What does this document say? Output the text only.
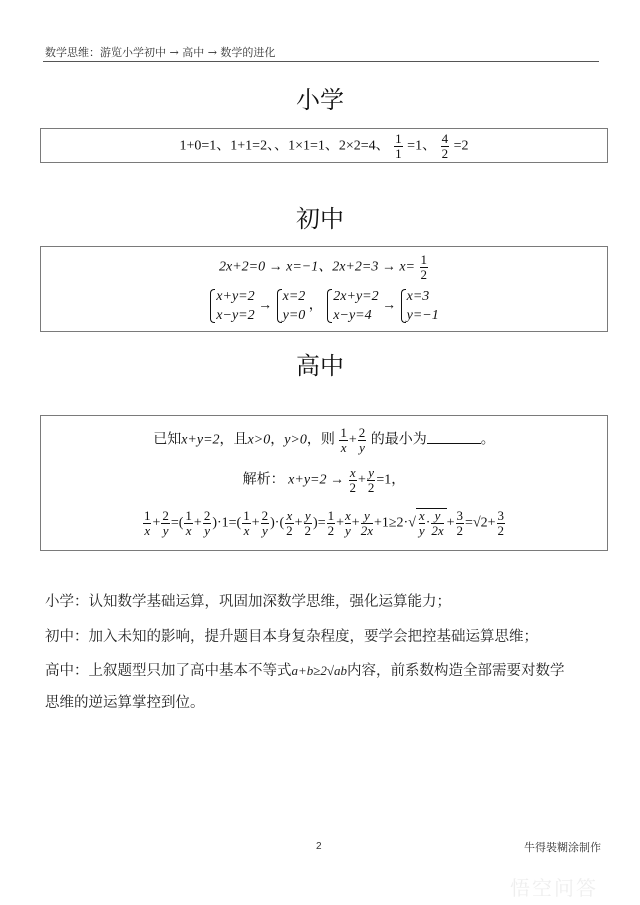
数学思维：游览小学初中 → 高中 → 数学的进化
小学
1+0=1、1+1=2、、1×1=1、2×2=4、 $\frac{1}{1} =1$、 $\frac{4}{2} =2$
初中
2x+2=0 → x=−1、$2x+2=3 \to x= \frac{1}{2}$
x+y=2
x−y=2 → x=2
y=0 ， 2x+y=2
x−y=4 → x=3
y=−1
高中
已知x+y=2，且x>0，y>0，则 $\frac{1}{x}+ \frac{2}{y}$ 的最小为	。
解析： $x+y=2 \to \frac{x}{2} + \frac{y}{2} =1$，
$\frac{1}{x}+ \frac{2}{y}=( \frac{1}{x}+ \frac{2}{y})\cdot 1=( \frac{1}{x}+ \frac{2}{y})\cdot( \frac{x}{2} + \frac{y}{2}$ )= $\frac{1}{2} + \frac{x}{y}+ \frac{y}{2x}+1\ge 2\cdot√ \frac{x}{y}\cdot \frac{y}{2x} + \frac{3}{2} =√2+ \frac{3}{2}$
小学：认知数学基础运算，巩固加深数学思维，强化运算能力；
初中：加入未知的影响，提升题目本身复杂程度，要学会把控基础运算思维；
高中：上叙题型只加了高中基本不等式a+b≥2√ab内容，前系数构造全部需要对数学
思维的逆运算掌控到位。
2	牛得裝糊涂制作
悟空问答
